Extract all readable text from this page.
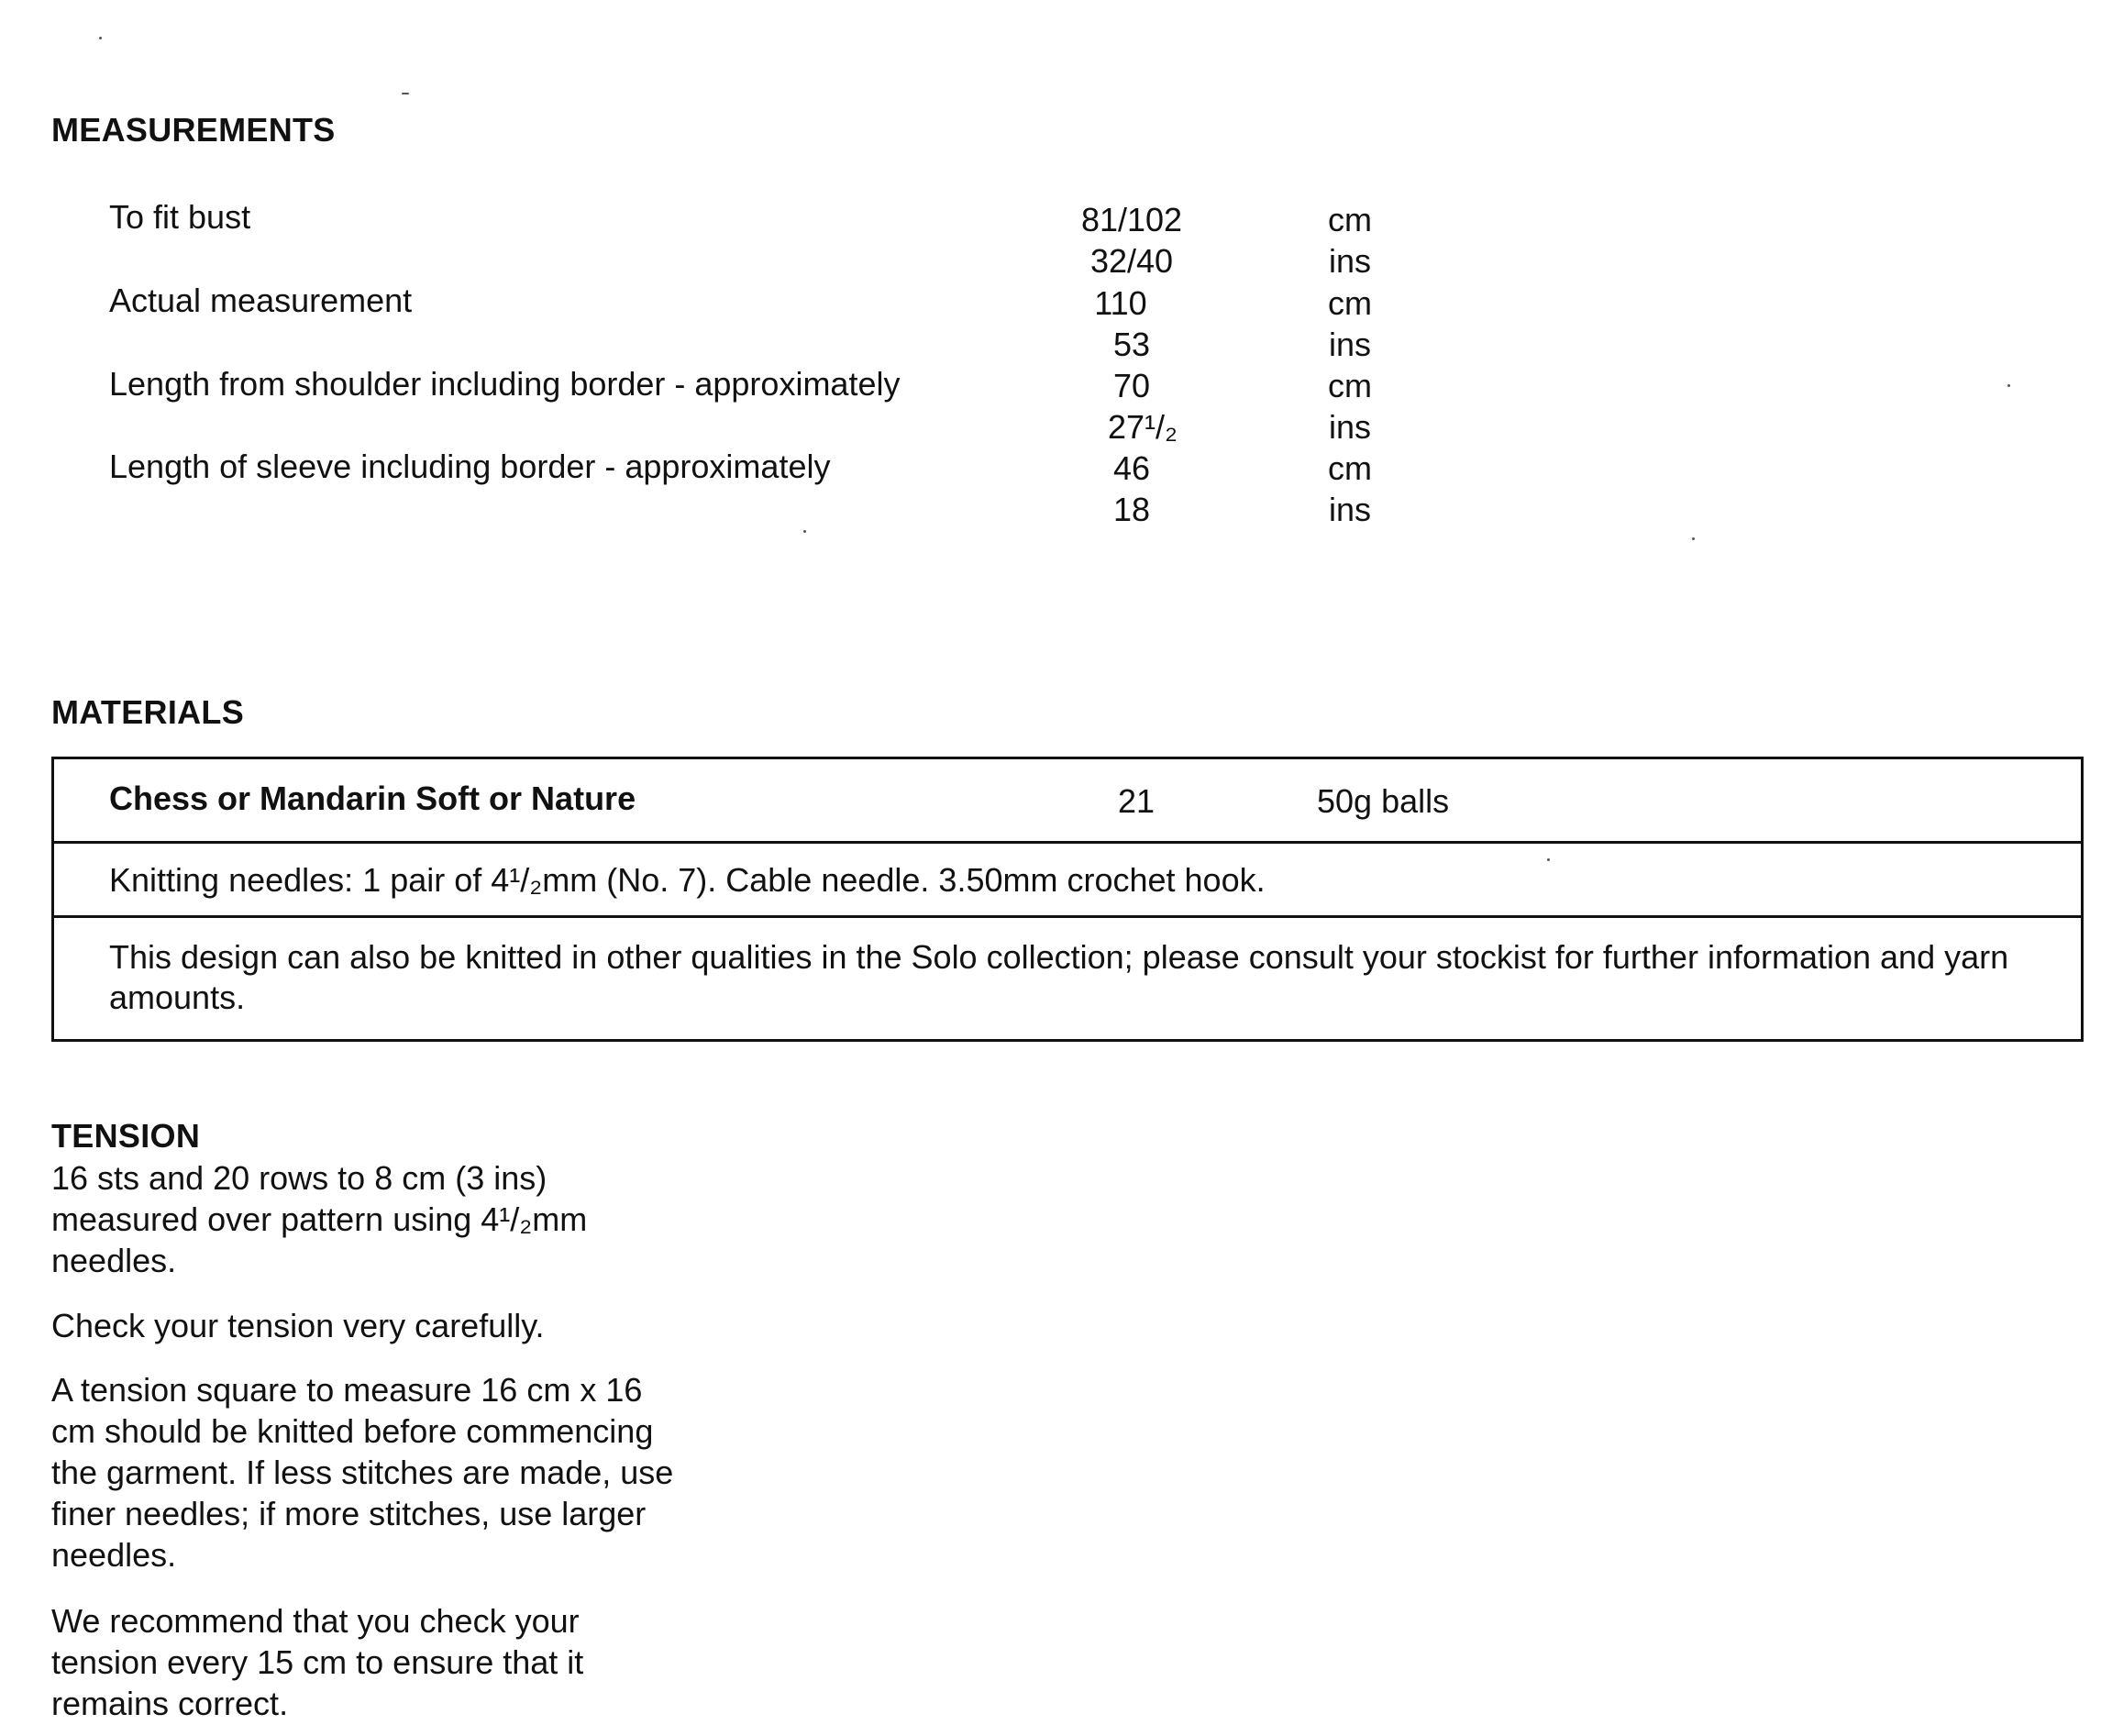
MEASUREMENTS
To fit bust	81/102	cm
32/40	ins
Actual measurement	110	cm
53	ins
Length from shoulder including border - approximately	70	cm
27¹/₂	ins
Length of sleeve including border - approximately	46	cm
18	ins
MATERIALS
Chess or Mandarin Soft or Nature	21	50g balls
Knitting needles: 1 pair of 4¹/₂mm (No. 7). Cable needle. 3.50mm crochet hook.
This design can also be knitted in other qualities in the Solo collection; please consult your stockist for further information and yarn amounts.
TENSION
16 sts and 20 rows to 8 cm (3 ins) measured over pattern using 4¹/₂mm needles.
Check your tension very carefully.
A tension square to measure 16 cm x 16 cm should be knitted before commencing the garment. If less stitches are made, use finer needles; if more stitches, use larger needles.
We recommend that you check your tension every 15 cm to ensure that it remains correct.
